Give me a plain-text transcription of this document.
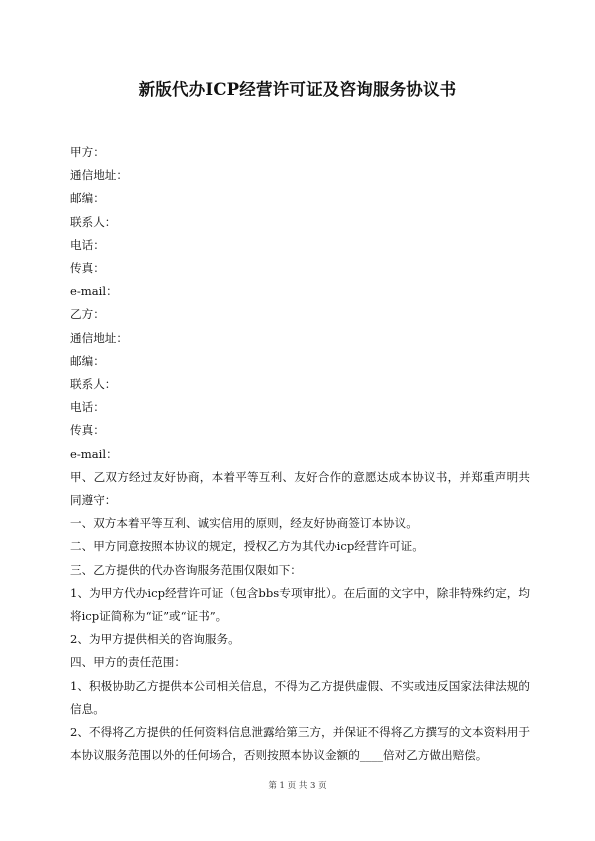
新版代办ICP经营许可证及咨询服务协议书

甲方：

通信地址：

邮编：

联系人：

电话：

传真：

e-mail：

乙方：

通信地址：

邮编：

联系人：

电话：

传真：

e-mail：

甲、乙双方经过友好协商，本着平等互利、友好合作的意愿达成本协议书，并郑重声明共同遵守：

一、双方本着平等互利、诚实信用的原则，经友好协商签订本协议。

二、甲方同意按照本协议的规定，授权乙方为其代办icp经营许可证。

三、乙方提供的代办咨询服务范围仅限如下：

1、为甲方代办icp经营许可证（包含bbs专项审批）。在后面的文字中，除非特殊约定，均将icp证简称为“证”或“证书”。

2、为甲方提供相关的咨询服务。

四、甲方的责任范围：

1、积极协助乙方提供本公司相关信息，不得为乙方提供虚假、不实或违反国家法律法规的信息。

2、不得将乙方提供的任何资料信息泄露给第三方，并保证不得将乙方撰写的文本资料用于本协议服务范围以外的任何场合，否则按照本协议金额的____倍对乙方做出赔偿。

第 1 页 共 3 页
